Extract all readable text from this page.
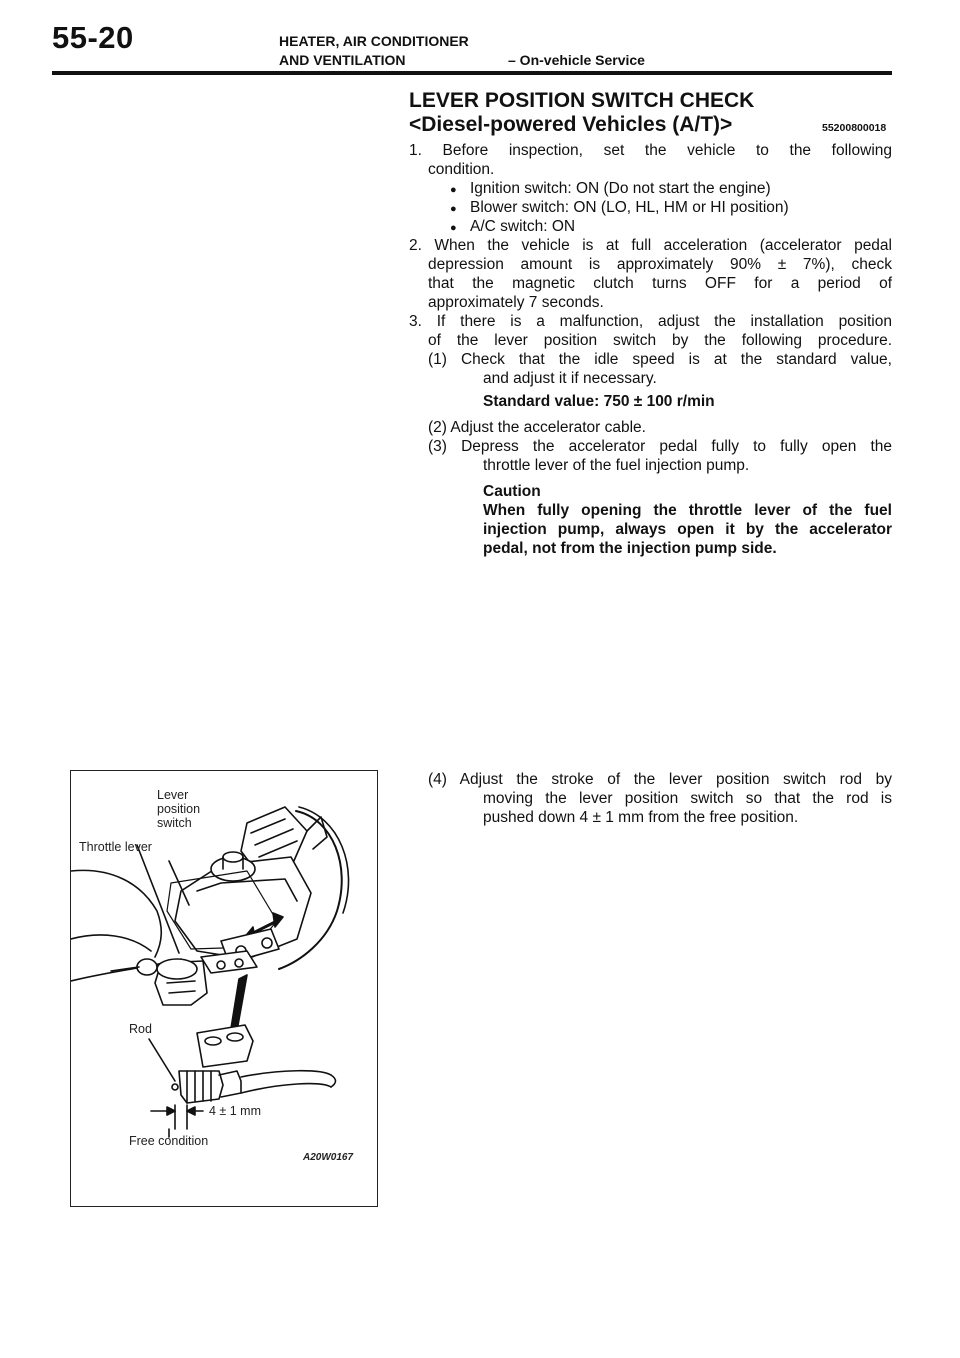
55-20	HEATER, AIR CONDITIONER
AND VENTILATION	– On-vehicle Service
LEVER POSITION SWITCH CHECK
<Diesel-powered Vehicles (A/T)>	55200800018
1. Before inspection, set the vehicle to the following
condition.
● Ignition switch: ON (Do not start the engine)
● Blower switch: ON (LO, HL, HM or HI position)
● A/C switch: ON
2. When the vehicle is at full acceleration (accelerator pedal
depression amount is approximately 90% ± 7%), check
that the magnetic clutch turns OFF for a period of
approximately 7 seconds.
3. If there is a malfunction, adjust the installation position
of the lever position switch by the following procedure.
(1) Check that the idle speed is at the standard value,
and adjust it if necessary.
Standard value: 750 ± 100 r/min
(2) Adjust the accelerator cable.
(3) Depress the accelerator pedal fully to fully open the
throttle lever of the fuel injection pump.
Caution
When fully opening the throttle lever of the fuel
injection pump, always open it by the accelerator
pedal, not from the injection pump side.
(4) Adjust the stroke of the lever position switch rod by
moving the lever position switch so that the rod is
pushed down 4 ± 1 mm from the free position.
Lever
position
switch
Throttle lever
Rod
4 ± 1 mm
Free condition
A20W0167
